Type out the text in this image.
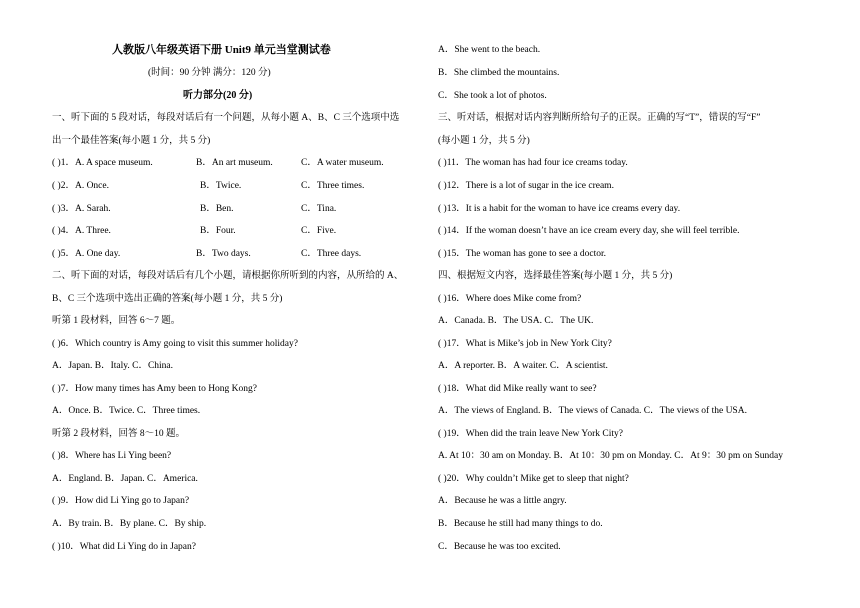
人教版八年级英语下册 Unit9 单元当堂测试卷
(时间：90 分钟 满分：120 分)
听力部分(20 分)
一、听下面的 5 段对话，每段对话后有一个问题，从每小题 A、B、C 三个选项中选
出一个最佳答案(每小题 1 分，共 5 分)
( )1．A. A space museum.	B．An art museum.	C．A water museum.
( )2．A. Once.	B．Twice.	C．Three times.
( )3．A. Sarah.	B．Ben.	C．Tina.
( )4．A. Three.	B．Four.	C．Five.
( )5．A. One day.	B．Two days.	C．Three days.
二、听下面的对话，每段对话后有几个小题，请根据你所听到的内容，从所给的 A、
B、C 三个选项中选出正确的答案(每小题 1 分，共 5 分)
听第 1 段材料，回答 6～7 题。
( )6．Which country is Amy going to visit this summer holiday?
A．Japan. B．Italy. C．China.
( )7．How many times has Amy been to Hong Kong?
A．Once. B．Twice. C．Three times.
听第 2 段材料，回答 8～10 题。
( )8．Where has Li Ying been?
A．England. B．Japan. C．America.
( )9．How did Li Ying go to Japan?
A．By train. B．By plane. C．By ship.
( )10．What did Li Ying do in Japan?
A．She went to the beach.
B．She climbed the mountains.
C．She took a lot of photos.
三、听对话，根据对话内容判断所给句子的正误。正确的写“T”，错误的写“F”
(每小题 1 分，共 5 分)
( )11．The woman has had four ice creams today.
( )12．There is a lot of sugar in the ice cream.
( )13．It is a habit for the woman to have ice creams every day.
( )14．If the woman doesn’t have an ice cream every day, she will feel terrible.
( )15．The woman has gone to see a doctor.
四、根据短文内容，选择最佳答案(每小题 1 分，共 5 分)
( )16．Where does Mike come from?
A．Canada. B．The USA. C．The UK.
( )17．What is Mike’s job in New York City?
A．A reporter. B．A waiter. C．A scientist.
( )18．What did Mike really want to see?
A．The views of England. B．The views of Canada. C．The views of the USA.
( )19．When did the train leave New York City?
A. At 10：30 am on Monday. B．At 10：30 pm on Monday. C．At 9：30 pm on Sunday
( )20．Why couldn’t Mike get to sleep that night?
A．Because he was a little angry.
B．Because he still had many things to do.
C．Because he was too excited.
